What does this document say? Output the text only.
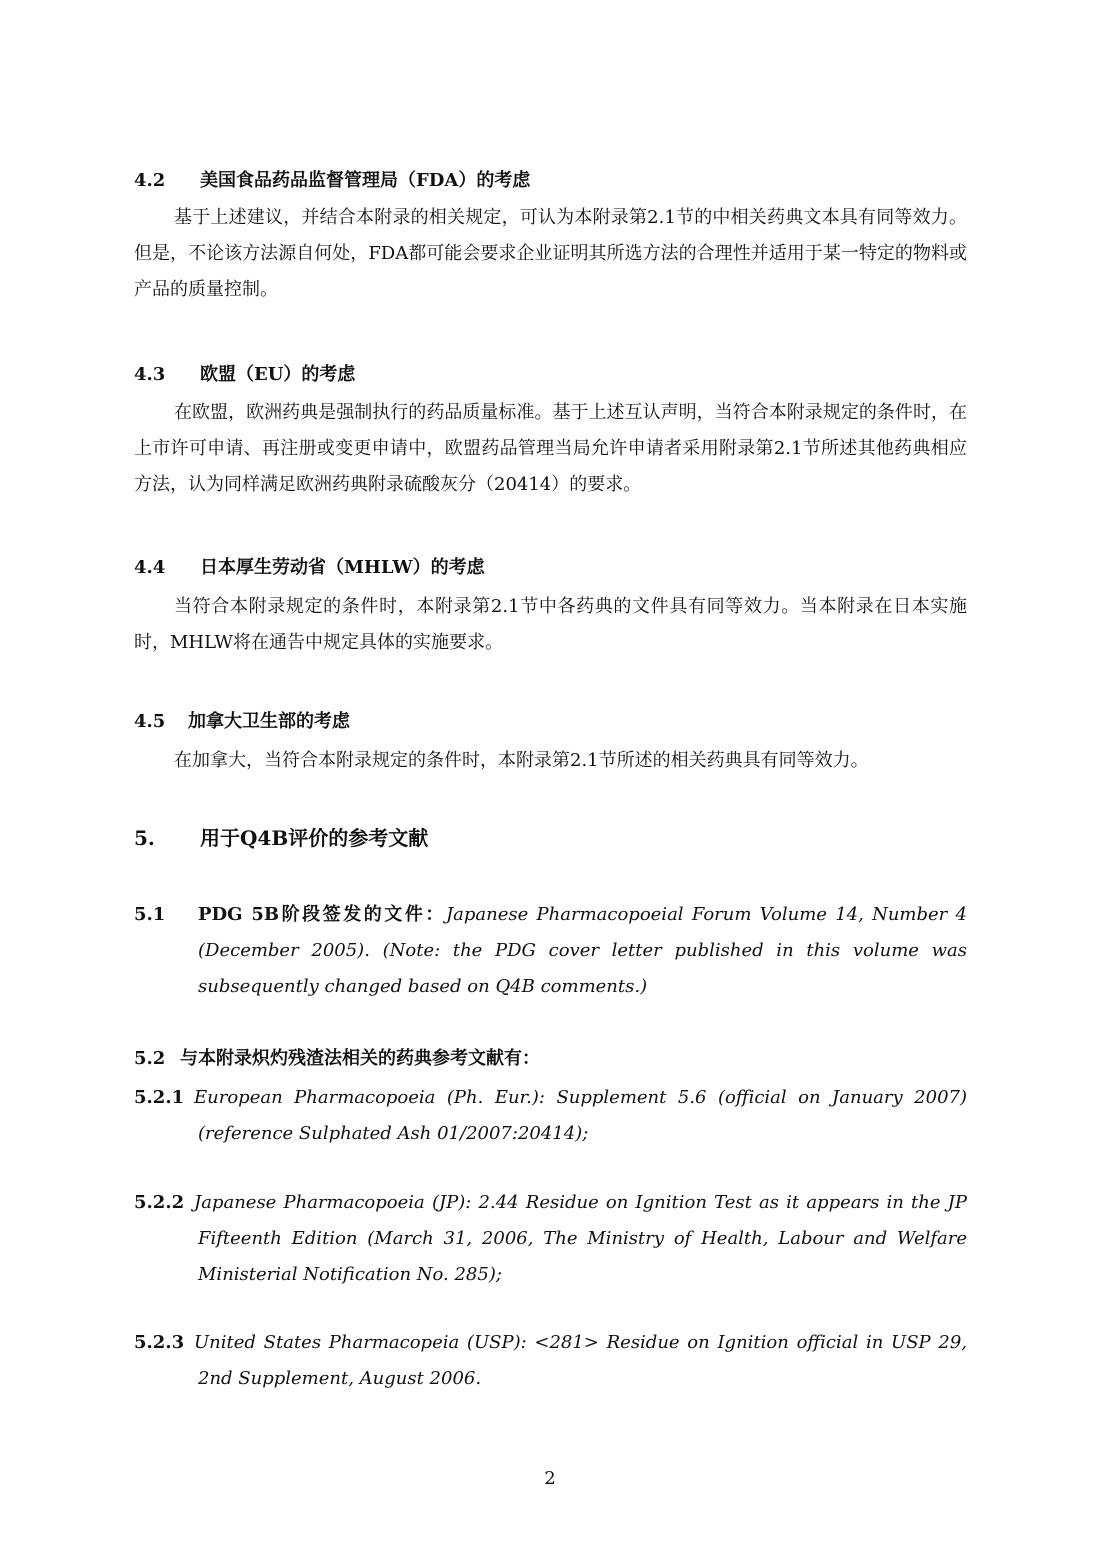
4.2 美国食品药品监督管理局（FDA）的考虑
基于上述建议，并结合本附录的相关规定，可认为本附录第2.1节的中相关药典文本具有同等效力。但是，不论该方法源自何处，FDA都可能会要求企业证明其所选方法的合理性并适用于某一特定的物料或产品的质量控制。
4.3 欧盟（EU）的考虑
在欧盟，欧洲药典是强制执行的药品质量标准。基于上述互认声明，当符合本附录规定的条件时，在上市许可申请、再注册或变更申请中，欧盟药品管理当局允许申请者采用附录第2.1节所述其他药典相应方法，认为同样满足欧洲药典附录硫酸灰分（20414）的要求。
4.4 日本厚生劳动省（MHLW）的考虑
当符合本附录规定的条件时，本附录第2.1节中各药典的文件具有同等效力。当本附录在日本实施时，MHLW将在通告中规定具体的实施要求。
4.5 加拿大卫生部的考虑
在加拿大，当符合本附录规定的条件时，本附录第2.1节所述的相关药典具有同等效力。
5. 用于Q4B评价的参考文献
5.1 PDG 5B阶段签发的文件：Japanese Pharmacopoeial Forum Volume 14, Number 4 (December 2005). (Note: the PDG cover letter published in this volume was subsequently changed based on Q4B comments.)
5.2 与本附录炽灼残渣法相关的药典参考文献有：
5.2.1 European Pharmacopoeia (Ph. Eur.): Supplement 5.6 (official on January 2007) (reference Sulphated Ash 01/2007:20414);
5.2.2 Japanese Pharmacopoeia (JP): 2.44 Residue on Ignition Test as it appears in the JP Fifteenth Edition (March 31, 2006, The Ministry of Health, Labour and Welfare Ministerial Notification No. 285);
5.2.3 United States Pharmacopeia (USP): <281> Residue on Ignition official in USP 29, 2nd Supplement, August 2006.
2
